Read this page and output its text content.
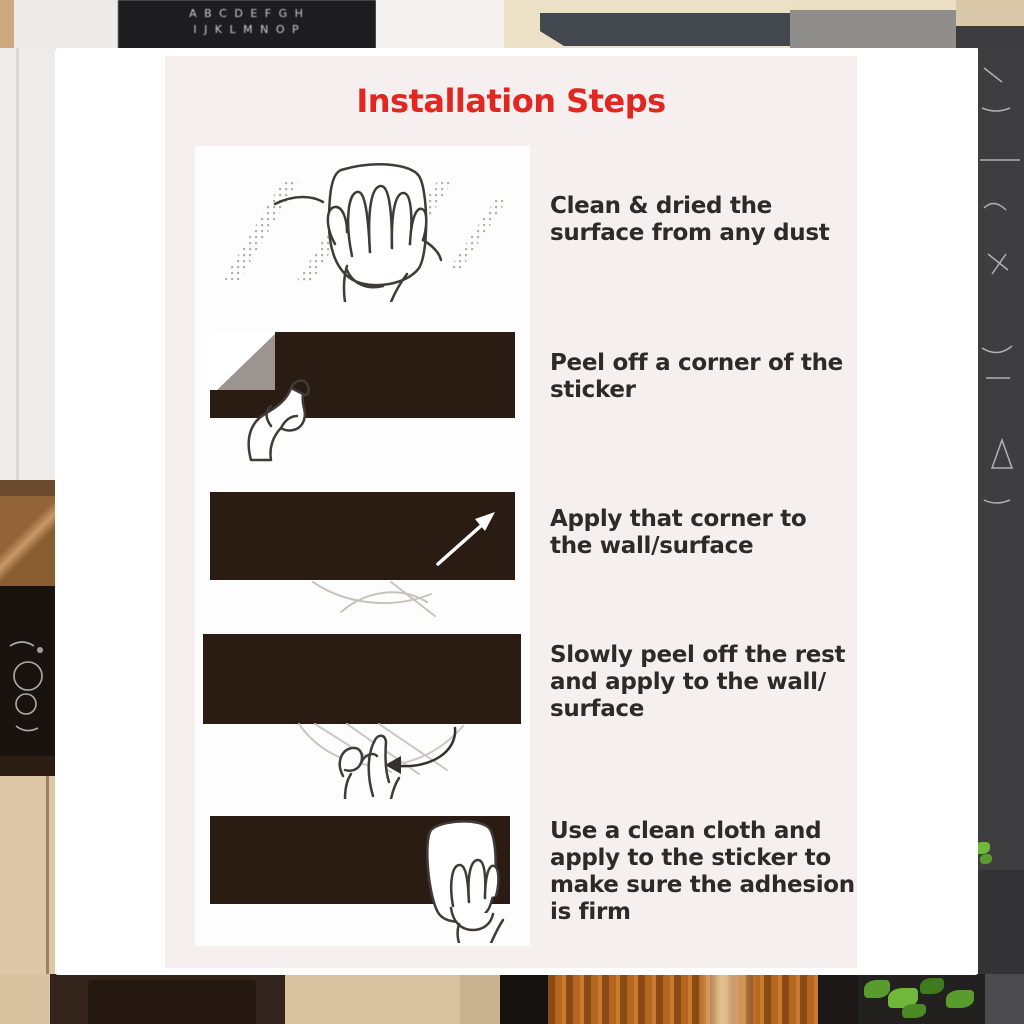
A B C D E F G H
I J K L M N O P
Installation Steps
Clean & dried the
surface from any dust
Peel off a corner of the
sticker
Apply that corner to
the wall/surface
Slowly peel off the rest
and apply to the wall/
surface
Use a clean cloth and
apply to the sticker to
make sure the adhesion
is firm
